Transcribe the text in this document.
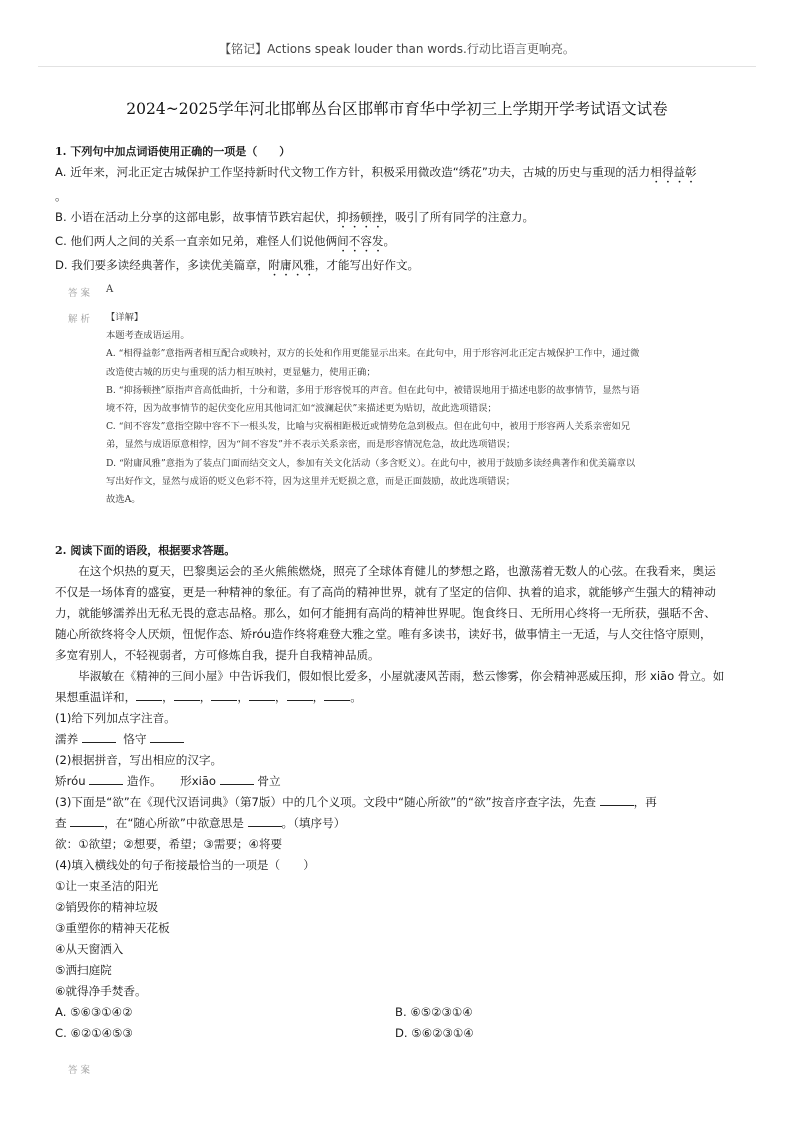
【铭记】Actions speak louder than words.行动比语言更响亮。
2024~2025学年河北邯郸丛台区邯郸市育华中学初三上学期开学考试语文试卷
1. 下列句中加点词语使用正确的一项是（　　）
A. 近年来，河北正定古城保护工作坚持新时代文物工作方针，积极采用微改造“绣花”功夫，古城的历史与重现的活力相得益彰
。
B. 小语在活动上分享的这部电影，故事情节跌宕起伏，抑扬顿挫，吸引了所有同学的注意力。
C. 他们两人之间的关系一直亲如兄弟，难怪人们说他俩间不容发。
D. 我们要多读经典著作，多读优美篇章，附庸风雅，才能写出好作文。
答 案 A
解 析 【详解】
本题考查成语运用。
A. “相得益彰”意指两者相互配合或映衬，双方的长处和作用更能显示出来。在此句中，用于形容河北正定古城保护工作中，通过微
改造使古城的历史与重现的活力相互映衬，更显魅力，使用正确；
B. “抑扬顿挫”原指声音高低曲折，十分和谐，多用于形容悦耳的声音。但在此句中，被错误地用于描述电影的故事情节，显然与语
境不符，因为故事情节的起伏变化应用其他词汇如“波澜起伏”来描述更为贴切，故此选项错误；
C. “间不容发”意指空隙中容不下一根头发，比喻与灾祸相距极近或情势危急到极点。但在此句中，被用于形容两人关系亲密如兄
弟，显然与成语原意相悖，因为“间不容发”并不表示关系亲密，而是形容情况危急，故此选项错误；
D. “附庸风雅”意指为了装点门面而结交文人，参加有关文化活动（多含贬义）。在此句中，被用于鼓励多读经典著作和优美篇章以
写出好作文，显然与成语的贬义色彩不符，因为这里并无贬损之意，而是正面鼓励，故此选项错误；
故选A。
2. 阅读下面的语段，根据要求答题。
在这个炽热的夏天，巴黎奥运会的圣火熊熊燃烧，照亮了全球体育健儿的梦想之路，也激荡着无数人的心弦。在我看来，奥运
不仅是一场体育的盛宴，更是一种精神的象征。有了高尚的精神世界，就有了坚定的信仰、执着的追求，就能够产生强大的精神动
力，就能够濡养出无私无畏的意志品格。那么，如何才能拥有高尚的精神世界呢。饱食终日、无所用心终将一无所获，强聒不舍、
随心所欲终将令人厌烦，忸怩作态、矫róu造作终将难登大雅之堂。唯有多读书，读好书，做事情主一无适，与人交往恪守原则，
多宽宥别人，不轻视弱者，方可修炼自我，提升自我精神品质。
毕淑敏在《精神的三间小屋》中告诉我们，假如恨比爱多，小屋就凄风苦雨，愁云惨雾，你会精神恶威压抑，形 xiāo 骨立。如
果想重温详和， ， ， ， ， ， 。
(1)给下列加点字注音。
濡养	恪守
(2)根据拼音，写出相应的汉字。
矫róu	造作。 形xiāo	骨立
(3)下面是“欲”在《现代汉语词典》（第7版）中的几个义项。文段中“随心所欲”的“欲”按音序查字法，先查	，再
查	，在“随心所欲”中欲意思是	。（填序号）
欲：①欲望；②想要，希望；③需要；④将要
(4)填入横线处的句子衔接最恰当的一项是（　　）
①让一束圣洁的阳光
②销毁你的精神垃圾
③重塑你的精神天花板
④从天窗洒入
⑤洒扫庭院
⑥就得净手焚香。
A. ⑤⑥③①④②	B. ⑥⑤②③①④
C. ⑥②①④⑤③	D. ⑤⑥②③①④
答 案
